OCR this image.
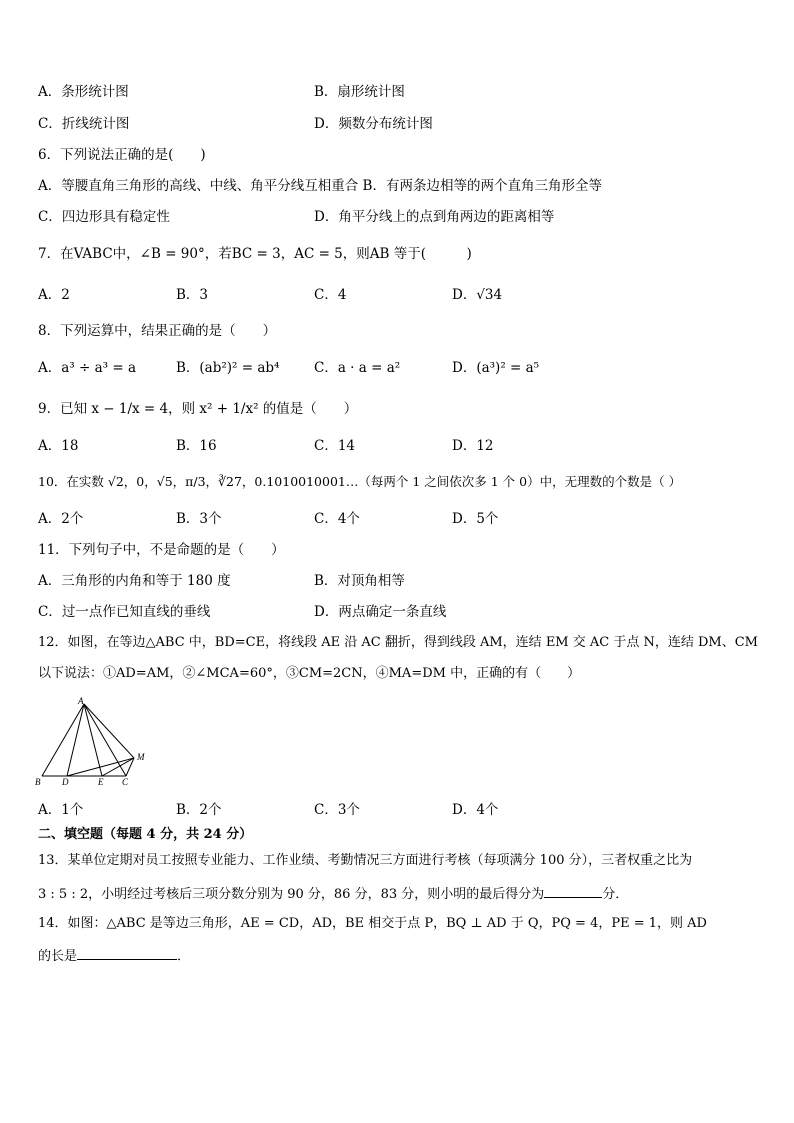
A．条形统计图	B．扇形统计图
C．折线统计图	D．频数分布统计图
6．下列说法正确的是(　　)
A．等腰直角三角形的高线、中线、角平分线互相重合 B．有两条边相等的两个直角三角形全等
C．四边形具有稳定性	D．角平分线上的点到角两边的距离相等
7．在VABC中，∠B = 90°，若BC = 3，AC = 5，则AB 等于(　　　)
A．2	B．3	C．4	D．√34
8．下列运算中，结果正确的是（　　）
A．a³ ÷ a³ = a	B．(ab²)² = ab⁴	C．a · a = a²	D．(a³)² = a⁵
9．已知 x − 1/x = 4，则 x² + 1/x² 的值是（　　）
A．18	B．16	C．14	D．12
10．在实数 √2，0，√5，π/3，∛27，0.1010010001…（每两个 1 之间依次多 1 个 0）中，无理数的个数是（ ）
A．2个	B．3个	C．4个	D．5个
11．下列句子中，不是命题的是（　　）
A．三角形的内角和等于 180 度	B．对顶角相等
C．过一点作已知直线的垂线	D．两点确定一条直线
12．如图，在等边△ABC 中，BD=CE，将线段 AE 沿 AC 翻折，得到线段 AM，连结 EM 交 AC 于点 N，连结 DM、CM
以下说法：①AD=AM，②∠MCA=60°，③CM=2CN，④MA=DM 中，正确的有（　　）
A
B D	E C
M
A．1个	B．2个	C．3个	D．4个
二、填空题（每题 4 分，共 24 分）
13．某单位定期对员工按照专业能力、工作业绩、考勤情况三方面进行考核（每项满分 100 分），三者权重之比为
3 : 5 : 2，小明经过考核后三项分数分别为 90 分，86 分，83 分，则小明的最后得分为	分．
14．如图：△ABC 是等边三角形，AE = CD，AD，BE 相交于点 P，BQ ⊥ AD 于 Q，PQ = 4，PE = 1，则 AD
的长是	．
